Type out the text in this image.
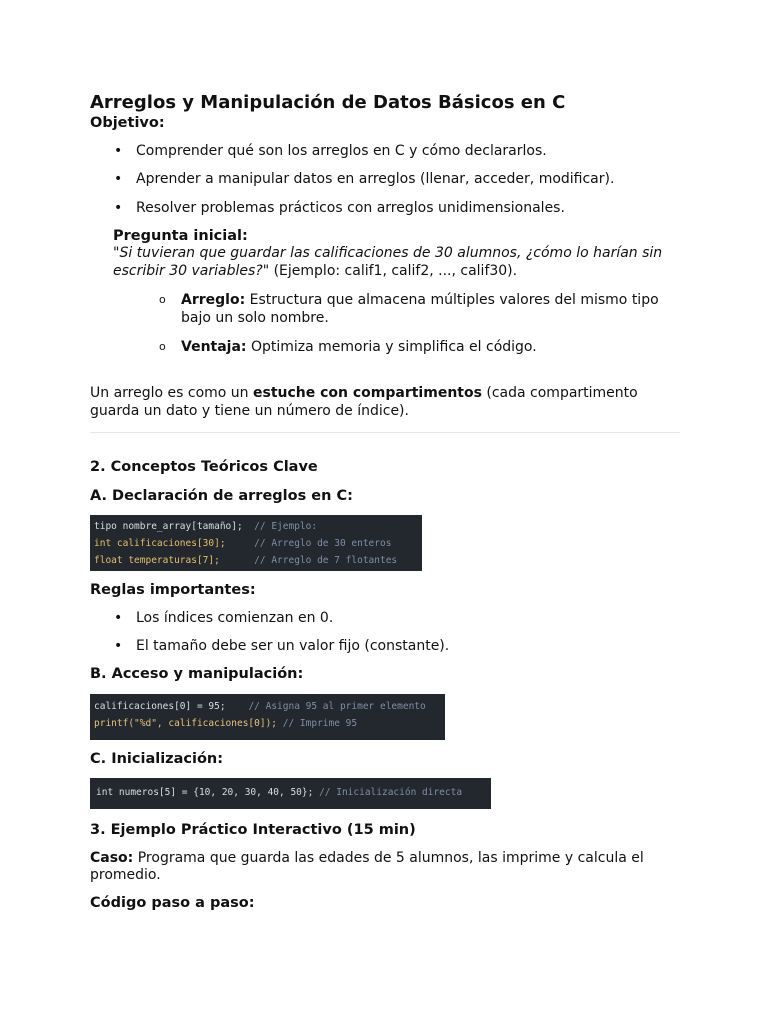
Arreglos y Manipulación de Datos Básicos en C
Objetivo:
• Comprender qué son los arreglos en C y cómo declararlos.
• Aprender a manipular datos en arreglos (llenar, acceder, modificar).
• Resolver problemas prácticos con arreglos unidimensionales.
Pregunta inicial:
"Si tuvieran que guardar las calificaciones de 30 alumnos, ¿cómo lo harían sin
escribir 30 variables?" (Ejemplo: calif1, calif2, ..., calif30).
o Arreglo: Estructura que almacena múltiples valores del mismo tipo
bajo un solo nombre.
o Ventaja: Optimiza memoria y simplifica el código.
Un arreglo es como un estuche con compartimentos (cada compartimento
guarda un dato y tiene un número de índice).
2. Conceptos Teóricos Clave
A. Declaración de arreglos en C:
tipo nombre_array[tamaño];  // Ejemplo:
int calificaciones[30];     // Arreglo de 30 enteros
float temperaturas[7];      // Arreglo de 7 flotantes
Reglas importantes:
• Los índices comienzan en 0.
• El tamaño debe ser un valor fijo (constante).
B. Acceso y manipulación:
calificaciones[0] = 95;    // Asigna 95 al primer elemento
printf("%d", calificaciones[0]); // Imprime 95
C. Inicialización:
int numeros[5] = {10, 20, 30, 40, 50}; // Inicialización directa
3. Ejemplo Práctico Interactivo (15 min)
Caso: Programa que guarda las edades de 5 alumnos, las imprime y calcula el
promedio.
Código paso a paso:
